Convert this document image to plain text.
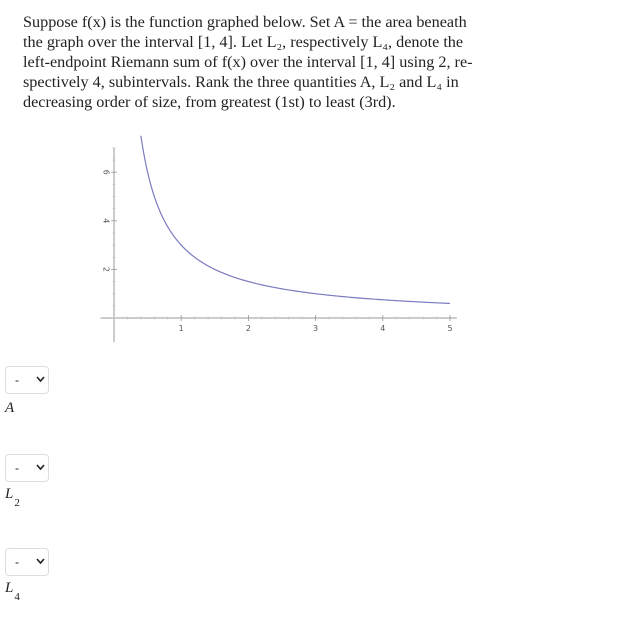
Suppose f(x) is the function graphed below. Set A = the area beneath
the graph over the interval [1, 4]. Let L₂, respectively L₄, denote the
left-endpoint Riemann sum of f(x) over the interval [1, 4] using 2, re-
spectively 4, subintervals. Rank the three quantities A, L₂ and L₄ in
decreasing order of size, from greatest (1st) to least (3rd).
1	2	3	4	5
2
4
6
-
A
-
$L_2$
-
$L_4$
